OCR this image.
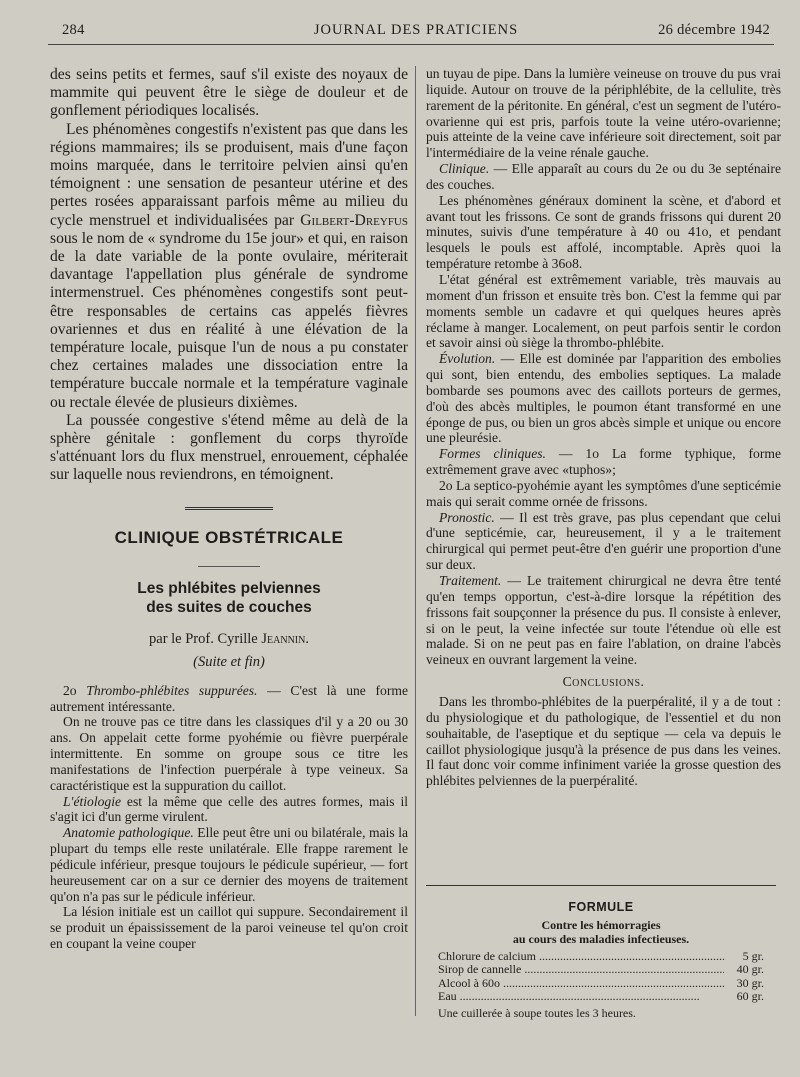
284	JOURNAL DES PRATICIENS	26 décembre 1942

des seins petits et fermes, sauf s'il existe des noyaux de mammite qui peuvent être le siège de douleur et de gonflement périodiques localisés.

Les phénomènes congestifs n'existent pas que dans les régions mammaires; ils se produisent, mais d'une façon moins marquée, dans le territoire pelvien ainsi qu'en témoignent : une sensation de pesanteur utérine et des pertes rosées apparaissant parfois même au milieu du cycle menstruel et individualisées par Gilbert-Dreyfus sous le nom de « syndrome du 15e jour» et qui, en raison de la date variable de la ponte ovulaire, mériterait davantage l'appellation plus générale de syndrome intermenstruel. Ces phénomènes congestifs sont peut-être responsables de certains cas appelés fièvres ovariennes et dus en réalité à une élévation de la température locale, puisque l'un de nous a pu constater chez certaines malades une dissociation entre la température buccale normale et la température vaginale ou rectale élevée de plusieurs dixièmes.

La poussée congestive s'étend même au delà de la sphère génitale : gonflement du corps thyroïde s'atténuant lors du flux menstruel, enrouement, céphalée sur laquelle nous reviendrons, en témoignent.

CLINIQUE OBSTÉTRICALE
Les phlébites pelviennes
des suites de couches
par le Prof. Cyrille Jeannin.
(Suite et fin)

2o Thrombo-phlébites suppurées. — C'est là une forme autrement intéressante.

On ne trouve pas ce titre dans les classiques d'il y a 20 ou 30 ans. On appelait cette forme pyohémie ou fièvre puerpérale intermittente. En somme on groupe sous ce titre les manifestations de l'infection puerpérale à type veineux. Sa caractéristique est la suppuration du caillot.

L'étiologie est la même que celle des autres formes, mais il s'agit ici d'un germe virulent.

Anatomie pathologique. Elle peut être uni ou bilatérale, mais la plupart du temps elle reste unilatérale. Elle frappe rarement le pédicule inférieur, presque toujours le pédicule supérieur, — fort heureusement car on a sur ce dernier des moyens de traitement qu'on n'a pas sur le pédicule inférieur.

La lésion initiale est un caillot qui suppure. Secondairement il se produit un épaississement de la paroi veineuse tel qu'on croit en coupant la veine couper

un tuyau de pipe. Dans la lumière veineuse on trouve du pus vrai liquide. Autour on trouve de la périphlébite, de la cellulite, très rarement de la péritonite. En général, c'est un segment de l'utéro-ovarienne qui est pris, parfois toute la veine utéro-ovarienne; puis atteinte de la veine cave inférieure soit directement, soit par l'intermédiaire de la veine rénale gauche.

Clinique. — Elle apparaît au cours du 2e ou du 3e septénaire des couches.

Les phénomènes généraux dominent la scène, et d'abord et avant tout les frissons. Ce sont de grands frissons qui durent 20 minutes, suivis d'une température à 40 ou 41o, et pendant lesquels le pouls est affolé, incomptable. Après quoi la température retombe à 36o8.

L'état général est extrêmement variable, très mauvais au moment d'un frisson et ensuite très bon. C'est la femme qui par moments semble un cadavre et qui quelques heures après réclame à manger. Localement, on peut parfois sentir le cordon et savoir ainsi où siège la thrombo-phlébite.

Évolution. — Elle est dominée par l'apparition des embolies qui sont, bien entendu, des embolies septiques. La malade bombarde ses poumons avec des caillots porteurs de germes, d'où des abcès multiples, le poumon étant transformé en une éponge de pus, ou bien un gros abcès simple et unique ou encore une pleurésie.

Formes cliniques. — 1o La forme typhique, forme extrêmement grave avec «tuphos»;

2o La septico-pyohémie ayant les symptômes d'une septicémie mais qui serait comme ornée de frissons.

Pronostic. — Il est très grave, pas plus cependant que celui d'une septicémie, car, heureusement, il y a le traitement chirurgical qui permet peut-être d'en guérir une proportion d'une sur deux.

Traitement. — Le traitement chirurgical ne devra être tenté qu'en temps opportun, c'est-à-dire lorsque la répétition des frissons fait soupçonner la présence du pus. Il consiste à enlever, si on le peut, la veine infectée sur toute l'étendue où elle est malade. Si on ne peut pas en faire l'ablation, on draine l'abcès veineux en ouvrant largement la veine.

Conclusions.

Dans les thrombo-phlébites de la puerpéralité, il y a de tout : du physiologique et du pathologique, de l'essentiel et du non souhaitable, de l'aseptique et du septique — cela va depuis le caillot physiologique jusqu'à la présence de pus dans les veines. Il faut donc voir comme infiniment variée la grosse question des phlébites pelviennes de la puerpéralité.

FORMULE
Contre les hémorragies
au cours des maladies infectieuses.
Chlorure de calcium .....	5 gr.
Sirop de cannelle .....	40 gr.
Alcool à 60o .....	30 gr.
Eau .....	60 gr.
Une cuillerée à soupe toutes les 3 heures.
